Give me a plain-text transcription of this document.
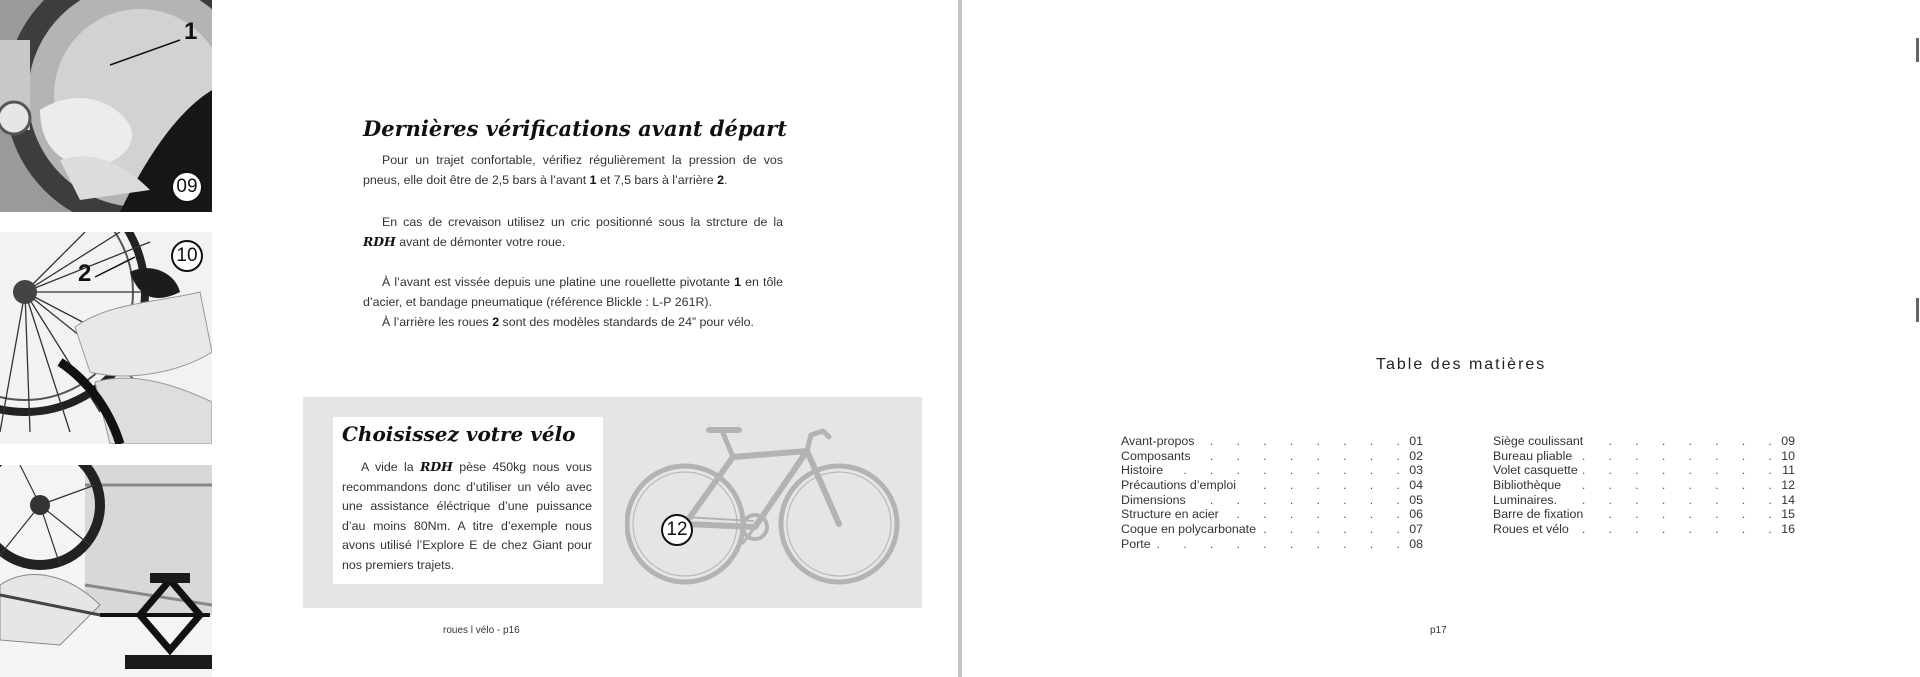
1
09
2
10
Dernières vérifications avant départ

Pour un trajet confortable, vérifiez régulièrement la pression de vos pneus, elle doit être de 2,5 bars à l’avant 1 et 7,5 bars à l’arrière 2.

En cas de crevaison utilisez un cric positionné sous la strcture de la RDH avant de démonter votre roue.

À l’avant est vissée depuis une platine une rouellette pivotante 1 en tôle d’acier, et bandage pneumatique (référence Blickle : L-P 261R).

À l’arrière les roues 2 sont des modèles standards de 24” pour vélo.

Choisissez votre vélo

A vide la RDH pèse 450kg nous vous recommandons donc d’utiliser un vélo avec une assistance éléctrique d’une puissance d’au moins 80Nm. A titre d’exemple nous avons utilisé l’Explore E de chez Giant pour nos premiers trajets.

12
roues l vélo - p16
Table des matières
.
Avant-propos	01
.
Composants	02
.
Histoire	03
.
Précautions d’emploi	04
.
Dimensions	05
.
Structure en acier	06
.
Coque en polycarbonate	07
.
Porte	08
.
Siège coulissant	09
.
Bureau pliable	10
.
Volet casquette	11
.
Bibliothèque	12
.
Luminaires.	14
.
Barre de fixation	15
.
Roues et vélo	16
p17
